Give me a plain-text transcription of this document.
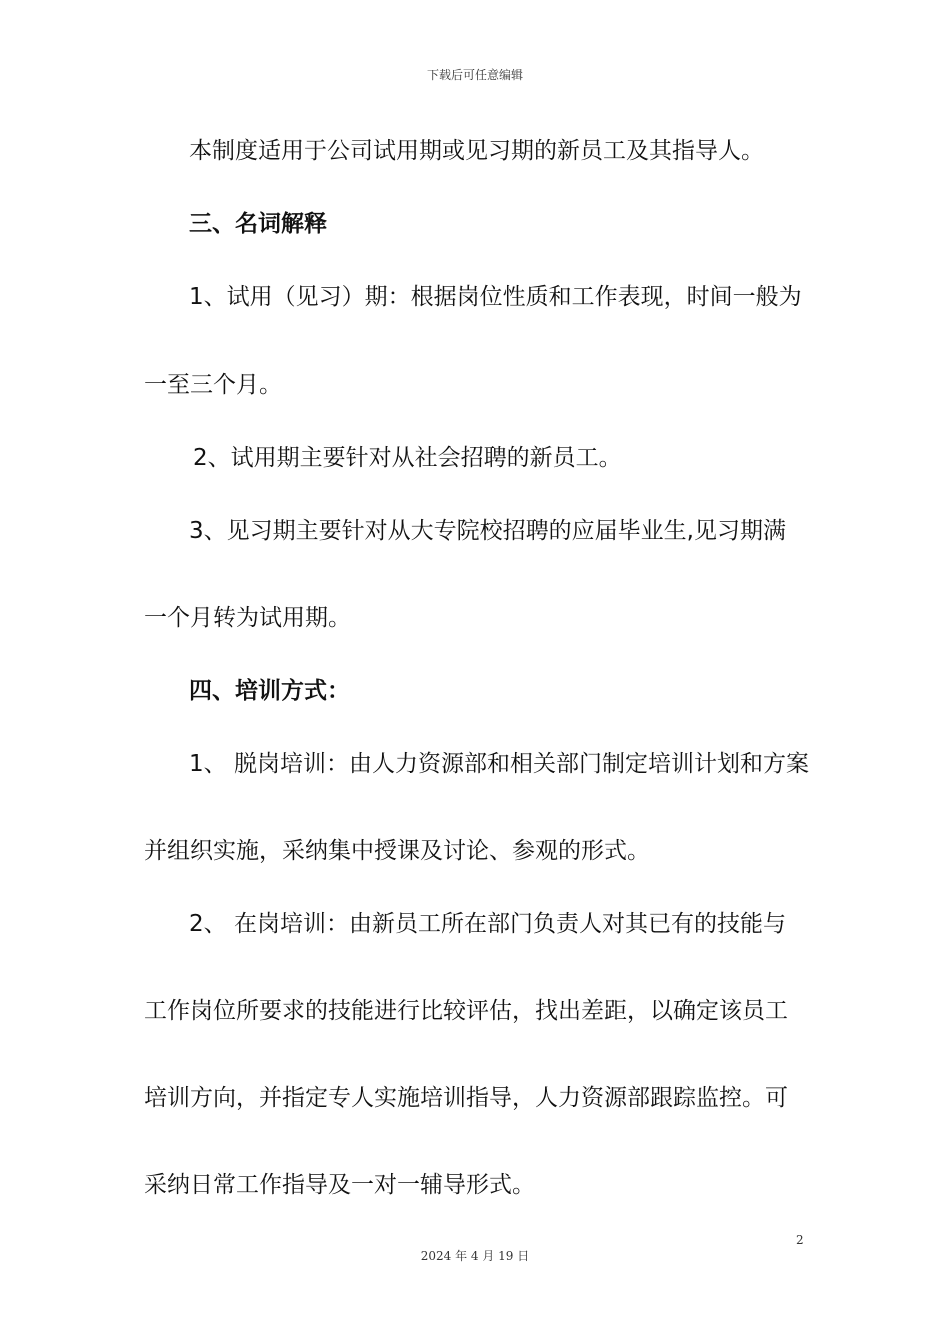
下载后可任意编辑
本制度适用于公司试用期或见习期的新员工及其指导人。
三、名词解释
1、试用（见习）期：根据岗位性质和工作表现，时间一般为
一至三个月。
2、试用期主要针对从社会招聘的新员工。
3、见习期主要针对从大专院校招聘的应届毕业生,见习期满
一个月转为试用期。
四、培训方式：
1、 脱岗培训：由人力资源部和相关部门制定培训计划和方案
并组织实施，采纳集中授课及讨论、参观的形式。
2、 在岗培训：由新员工所在部门负责人对其已有的技能与
工作岗位所要求的技能进行比较评估，找出差距，以确定该员工
培训方向，并指定专人实施培训指导，人力资源部跟踪监控。可
采纳日常工作指导及一对一辅导形式。
2
2024 年 4 月 19 日
